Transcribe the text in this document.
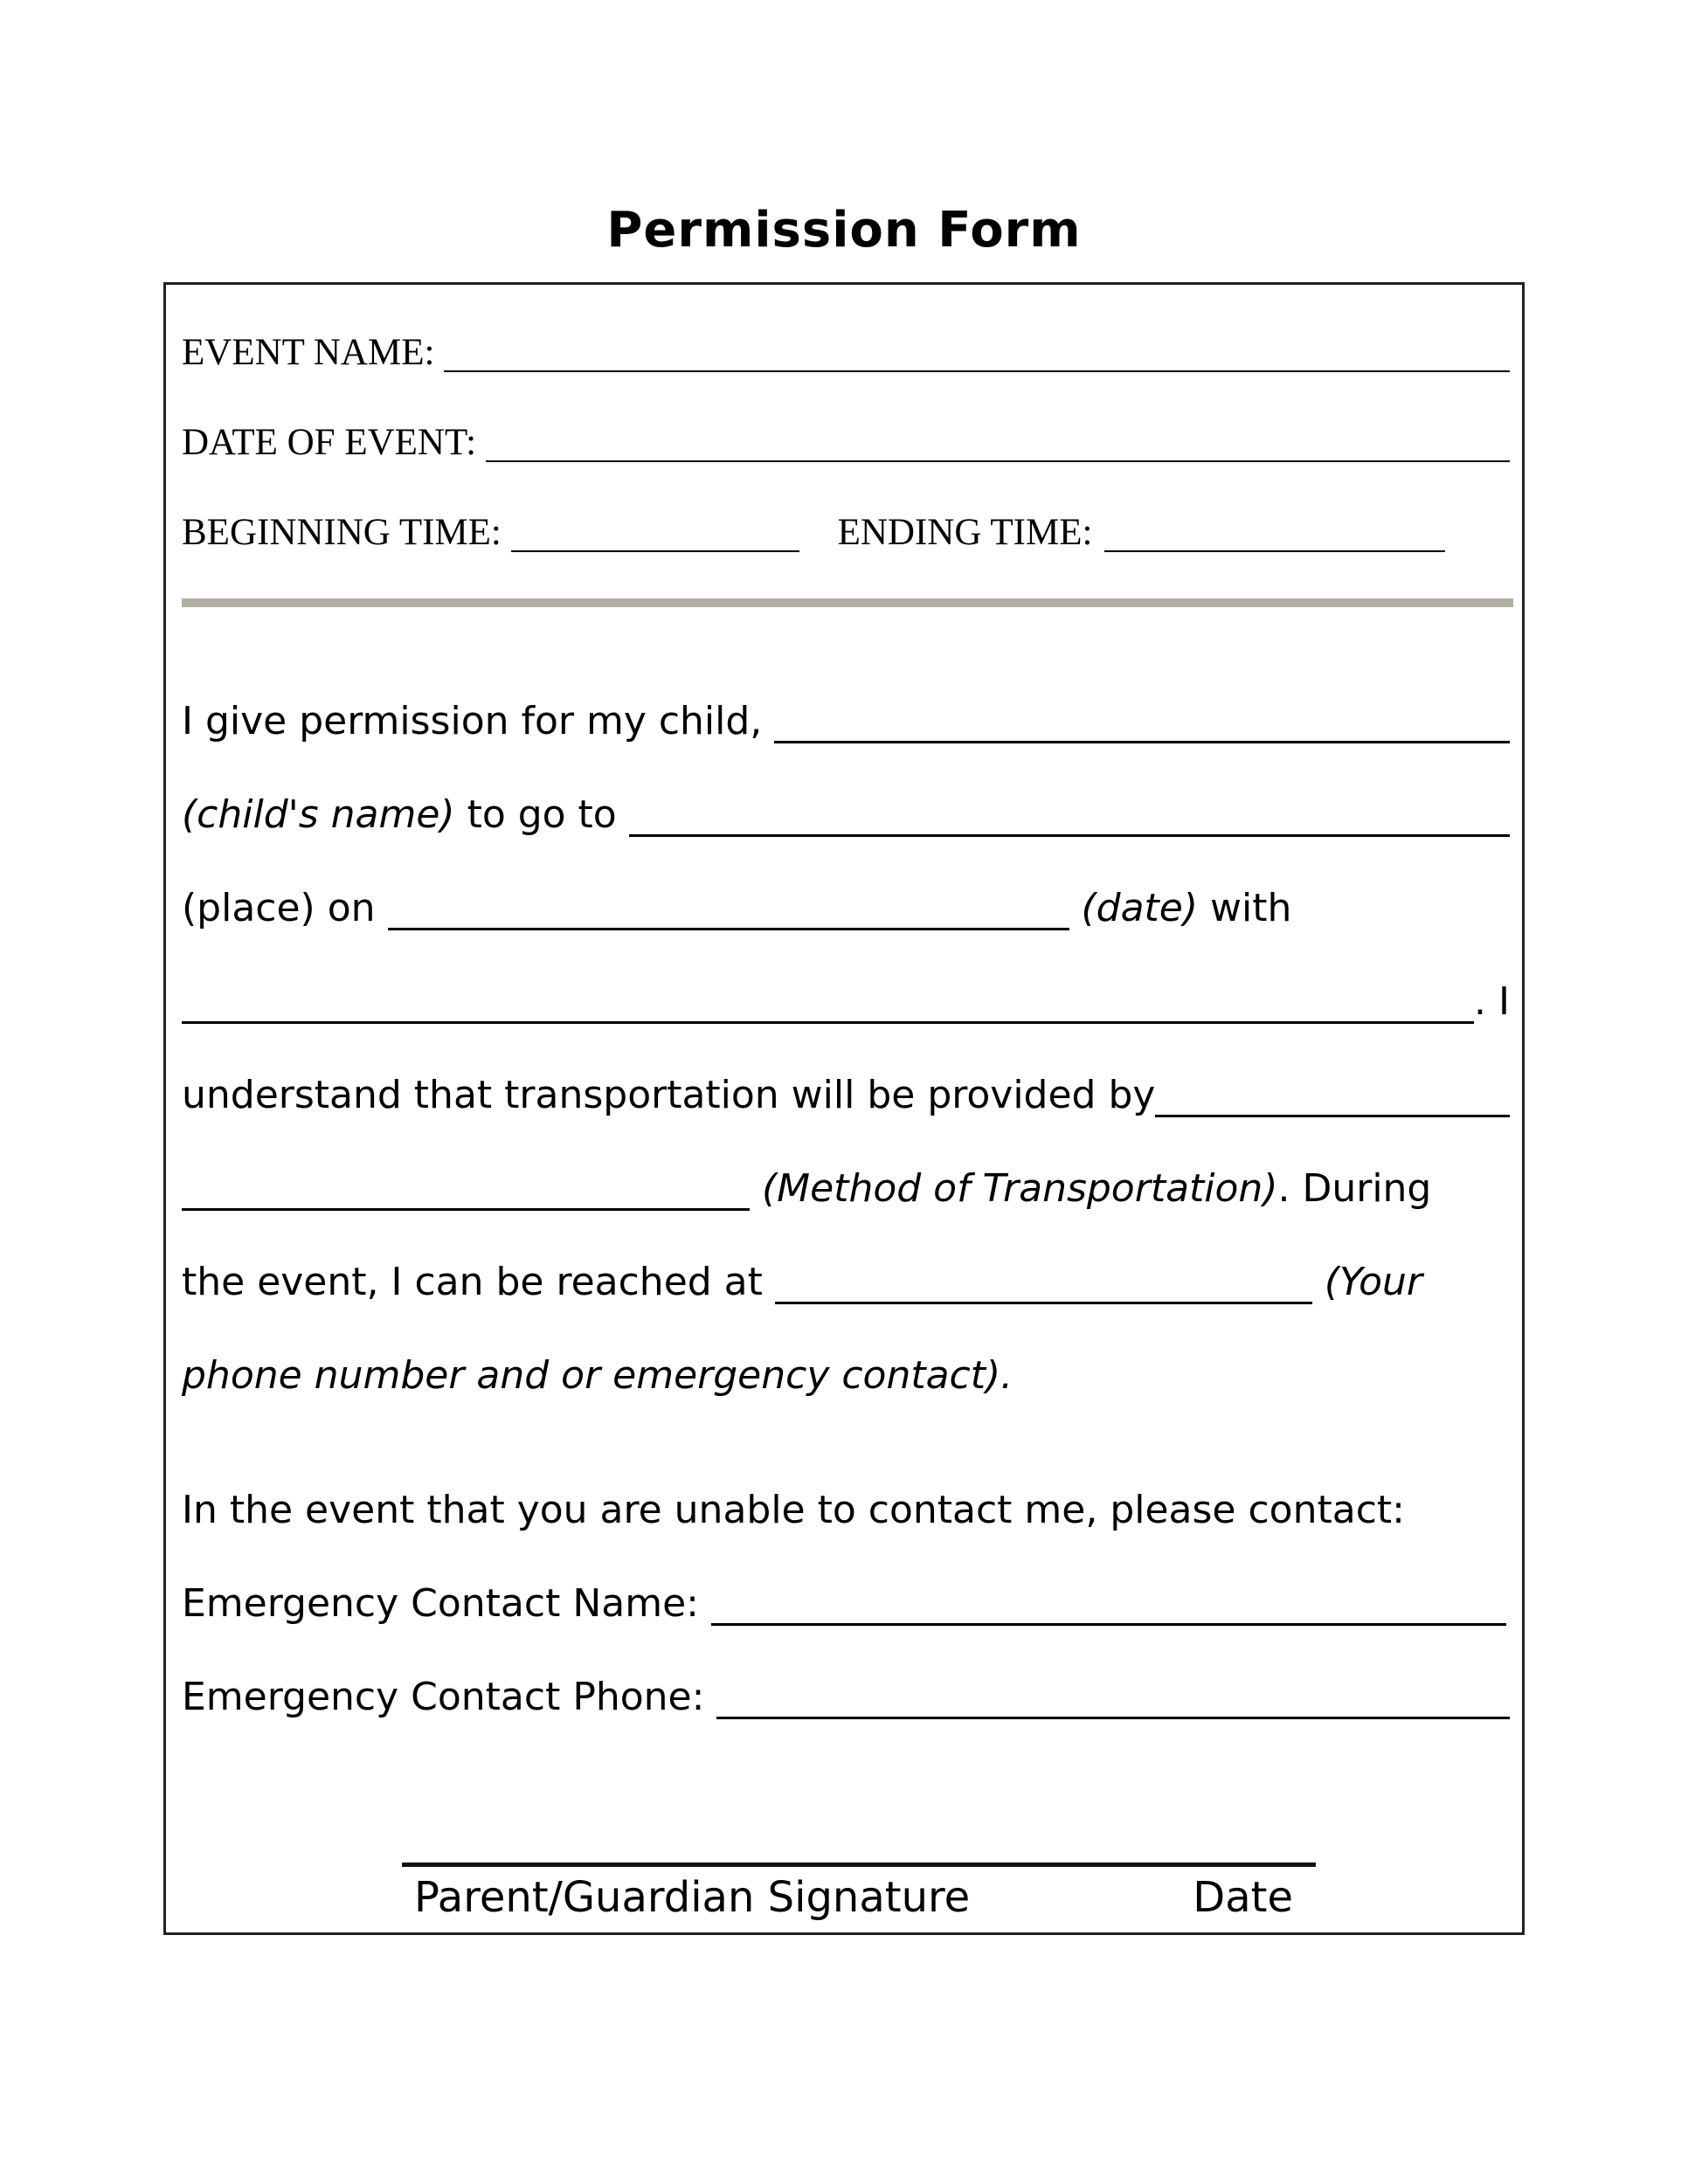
Permission Form
EVENT NAME:
DATE OF EVENT:
BEGINNING TIME:	ENDING TIME:
I give permission for my child,
(child's name) to go to
(place) on	(date) with
. I
understand that transportation will be provided by
(Method of Transportation) . During
the event, I can be reached at	(Your
phone number and or emergency contact).
In the event that you are unable to contact me, please contact:
Emergency Contact Name:
Emergency Contact Phone:
Parent/Guardian Signature	Date
